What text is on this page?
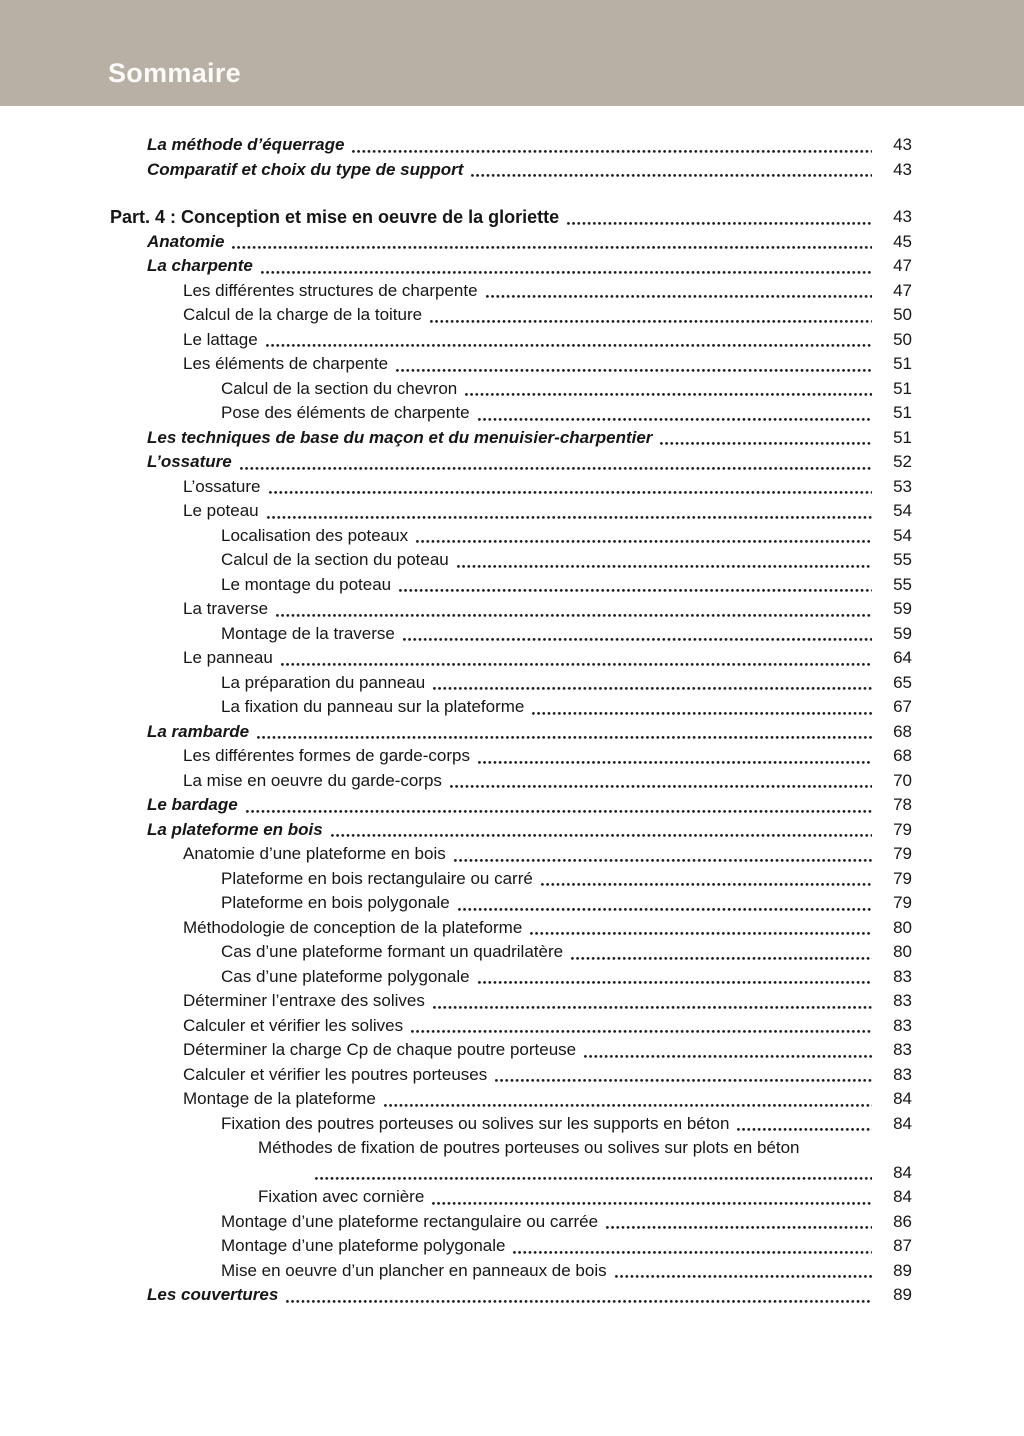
Sommaire
La méthode d’équerrage	43
Comparatif et choix du type de support	43
Part. 4 : Conception et mise en oeuvre de la gloriette	43
Anatomie	45
La charpente	47
Les différentes structures de charpente	47
Calcul de la charge de la toiture	50
Le lattage	50
Les éléments de charpente	51
Calcul de la section du chevron	51
Pose des éléments de charpente	51
Les techniques de base du maçon et du menuisier-charpentier	51
L’ossature	52
L’ossature	53
Le poteau	54
Localisation des poteaux	54
Calcul de la section du poteau	55
Le montage du poteau	55
La traverse	59
Montage de la traverse	59
Le panneau	64
La préparation du panneau	65
La fixation du panneau sur la plateforme	67
La rambarde	68
Les différentes formes de garde-corps	68
La mise en oeuvre du garde-corps	70
Le bardage	78
La plateforme en bois	79
Anatomie d’une plateforme en bois	79
Plateforme en bois rectangulaire ou carré	79
Plateforme en bois polygonale	79
Méthodologie de conception de la plateforme	80
Cas d’une plateforme formant un quadrilatère	80
Cas d’une plateforme polygonale	83
Déterminer l’entraxe des solives	83
Calculer et vérifier les solives	83
Déterminer la charge Cp de chaque poutre porteuse	83
Calculer et vérifier les poutres porteuses	83
Montage de la plateforme	84
Fixation des poutres porteuses ou solives sur les supports en béton	84
Méthodes de fixation de poutres porteuses ou solives sur plots en béton
84
Fixation avec cornière	84
Montage d’une plateforme rectangulaire ou carrée	86
Montage d’une plateforme polygonale	87
Mise en oeuvre d’un plancher en panneaux de bois	89
Les couvertures	89
